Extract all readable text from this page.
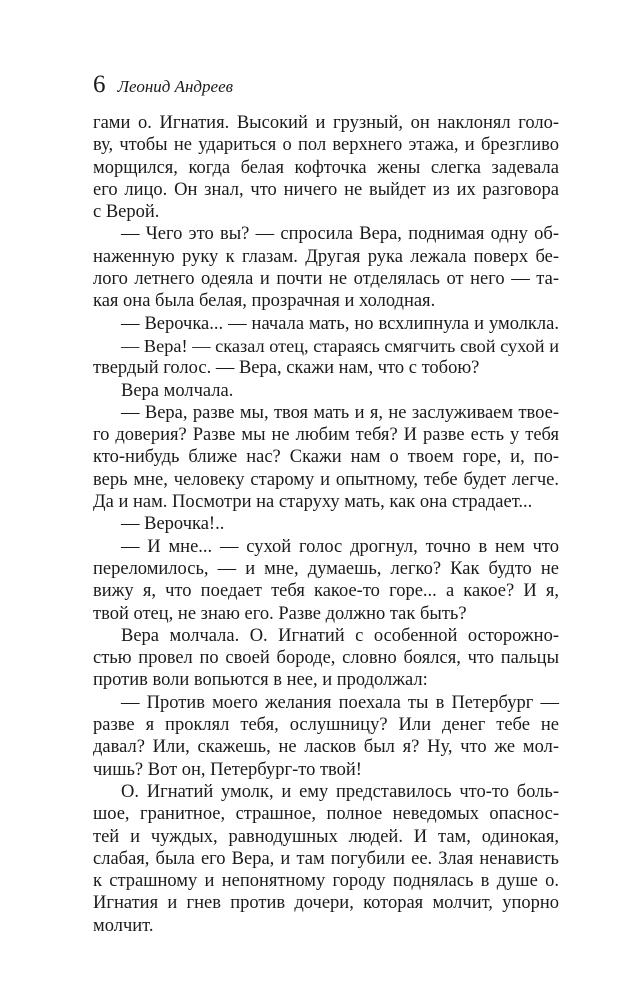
6 Леонид Андреев
гами о. Игнатия. Высокий и грузный, он наклонял голо-
ву, чтобы не удариться о пол верхнего этажа, и брезгливо
морщился, когда белая кофточка жены слегка задевала
его лицо. Он знал, что ничего не выйдет из их разговора
с Верой.
— Чего это вы? — спросила Вера, поднимая одну об-
наженную руку к глазам. Другая рука лежала поверх бе-
лого летнего одеяла и почти не отделялась от него — та-
кая она была белая, прозрачная и холодная.
— Верочка... — начала мать, но всхлипнула и умолкла.
— Вера! — сказал отец, стараясь смягчить свой сухой и
твердый голос. — Вера, скажи нам, что с тобою?
Вера молчала.
— Вера, разве мы, твоя мать и я, не заслуживаем твое-
го доверия? Разве мы не любим тебя? И разве есть у тебя
кто-нибудь ближе нас? Скажи нам о твоем горе, и, по-
верь мне, человеку старому и опытному, тебе будет легче.
Да и нам. Посмотри на старуху мать, как она страдает...
— Верочка!..
— И мне... — сухой голос дрогнул, точно в нем что
переломилось, — и мне, думаешь, легко? Как будто не
вижу я, что поедает тебя какое-то горе... а какое? И я,
твой отец, не знаю его. Разве должно так быть?
Вера молчала. О. Игнатий с особенной осторожно-
стью провел по своей бороде, словно боялся, что пальцы
против воли вопьются в нее, и продолжал:
— Против моего желания поехала ты в Петербург —
разве я проклял тебя, ослушницу? Или денег тебе не
давал? Или, скажешь, не ласков был я? Ну, что же мол-
чишь? Вот он, Петербург-то твой!
О. Игнатий умолк, и ему представилось что-то боль-
шое, гранитное, страшное, полное неведомых опаснос-
тей и чуждых, равнодушных людей. И там, одинокая,
слабая, была его Вера, и там погубили ее. Злая ненависть
к страшному и непонятному городу поднялась в душе о.
Игнатия и гнев против дочери, которая молчит, упорно
молчит.
